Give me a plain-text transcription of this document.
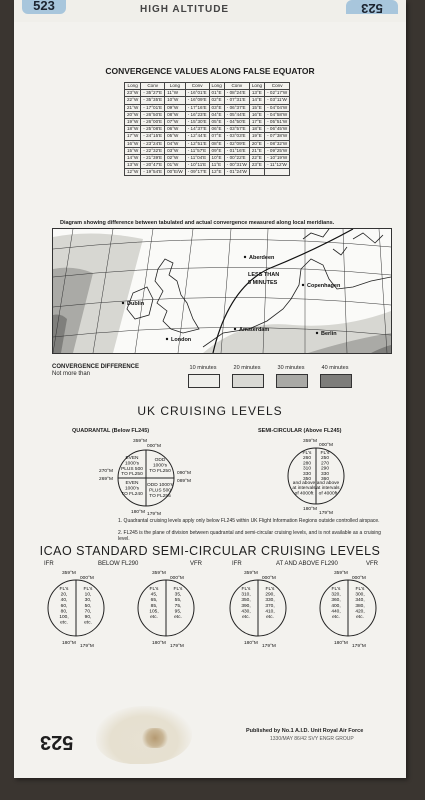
523	HIGH ALTITUDE	523
CONVERGENCE VALUES ALONG FALSE EQUATOR
Long	Conv	Long	Conv	Long	Conv	Long	Conv
23°W	- 35°27'E	11°W	- 16°01'E	01°E	- 08°24'E	13°E	- 02°17'W
22°W	- 35°35'E	10°W	- 16°09'E	02°E	- 07°31'E	14°E	- 03°11'W
21°W	- 17°01'E	09°W	- 17°16'E	03°E	- 06°37'E	15°E	- 04°04'W
20°W	- 26°50'E	08°W	- 16°23'E	04°E	- 05°44'E	16°E	- 04°58'W
19°W	- 26°00'E	07°W	- 15°30'E	05°E	- 04°50'E	17°E	- 05°51'W
18°W	- 25°08'E	06°W	- 14°37'E	06°E	- 03°57'E	18°E	- 06°45'W
17°W	- 24°15'E	05°W	- 12°44'E	07°E	- 03°03'E	19°E	- 07°38'W
16°W	- 23°24'E	04°W	- 12°51'E	08°E	- 02°09'E	20°E	- 08°32'W
15°W	- 22°32'E	03°W	- 11°57'E	09°E	- 01°16'E	21°E	- 09°25'W
14°W	- 21°39'E	02°W	- 11°04'E	10°E	- 00°22'E	22°E	- 10°19'W
13°W	- 20°47'E	01°W	- 10°11'E	11°E	- 00°31'W	23°E	- 11°12'W
12°W	- 19°54'E	00°E/W	- 09°17'E	12°E	- 01°24'W		
Diagram showing difference between tabulated and actual convergence measured along local meridians.
LESS THAN
5 MINUTES
Aberdeen
Dublin
London
Amsterdam
Copenhagen
Berlin
CONVERGENCE DIFFERENCE
Not more than
10 minutes	20 minutes	30 minutes	40 minutes
UK CRUISING LEVELS
QUADRANTAL (Below FL245)	SEMI-CIRCULAR (Above FL245)
359°M
000°M
270°M
269°M
090°M
089°M
180°M 179°M
EVEN
1000's
PLUS 500
TO FL250
ODD
1000's
TO FL250
EVEN
1000's
TO FL240
ODD 1000's
PLUS 500
TO FL255
359°M
000°M
180°M
179°M
FL's
260
280
310
330
350
and above
at intervals
of 4000ft
FL's
250
270
290
330
360
and above
at intervals
of 4000ft
1. Quadrantal cruising levels apply only below FL245 within UK Flight Information Regions outside controlled airspace.
2. FL245 is the plane of division between quadrantal and semi-circular cruising levels, and is not available as a cruising level.
ICAO STANDARD SEMI-CIRCULAR CRUISING LEVELS
IFR	BELOW FL290	VFR	IFR	AT AND ABOVE FL290	VFR
359°M
000°M
180°M
179°M
FL's
20,
40,
60,
80,
100,
etc.
FL's
10,
30,
50,
70,
90,
etc.
359°M
000°M
180°M
179°M
FL's
45,
65,
85,
105,
etc.
FL's
35,
55,
75,
95,
etc.
359°M
000°M
180°M
179°M
FL's
310,
350,
390,
430,
etc.
FL's
290,
330,
370,
410,
etc.
359°M
000°M
180°M
179°M
FL's
320,
360,
400,
440,
etc.
FL's
300,
340,
380,
420,
etc.
523	Published by No.1 A.I.D. Unit Royal Air Force
1330/MAY 86/42 SVY ENGR GROUP
